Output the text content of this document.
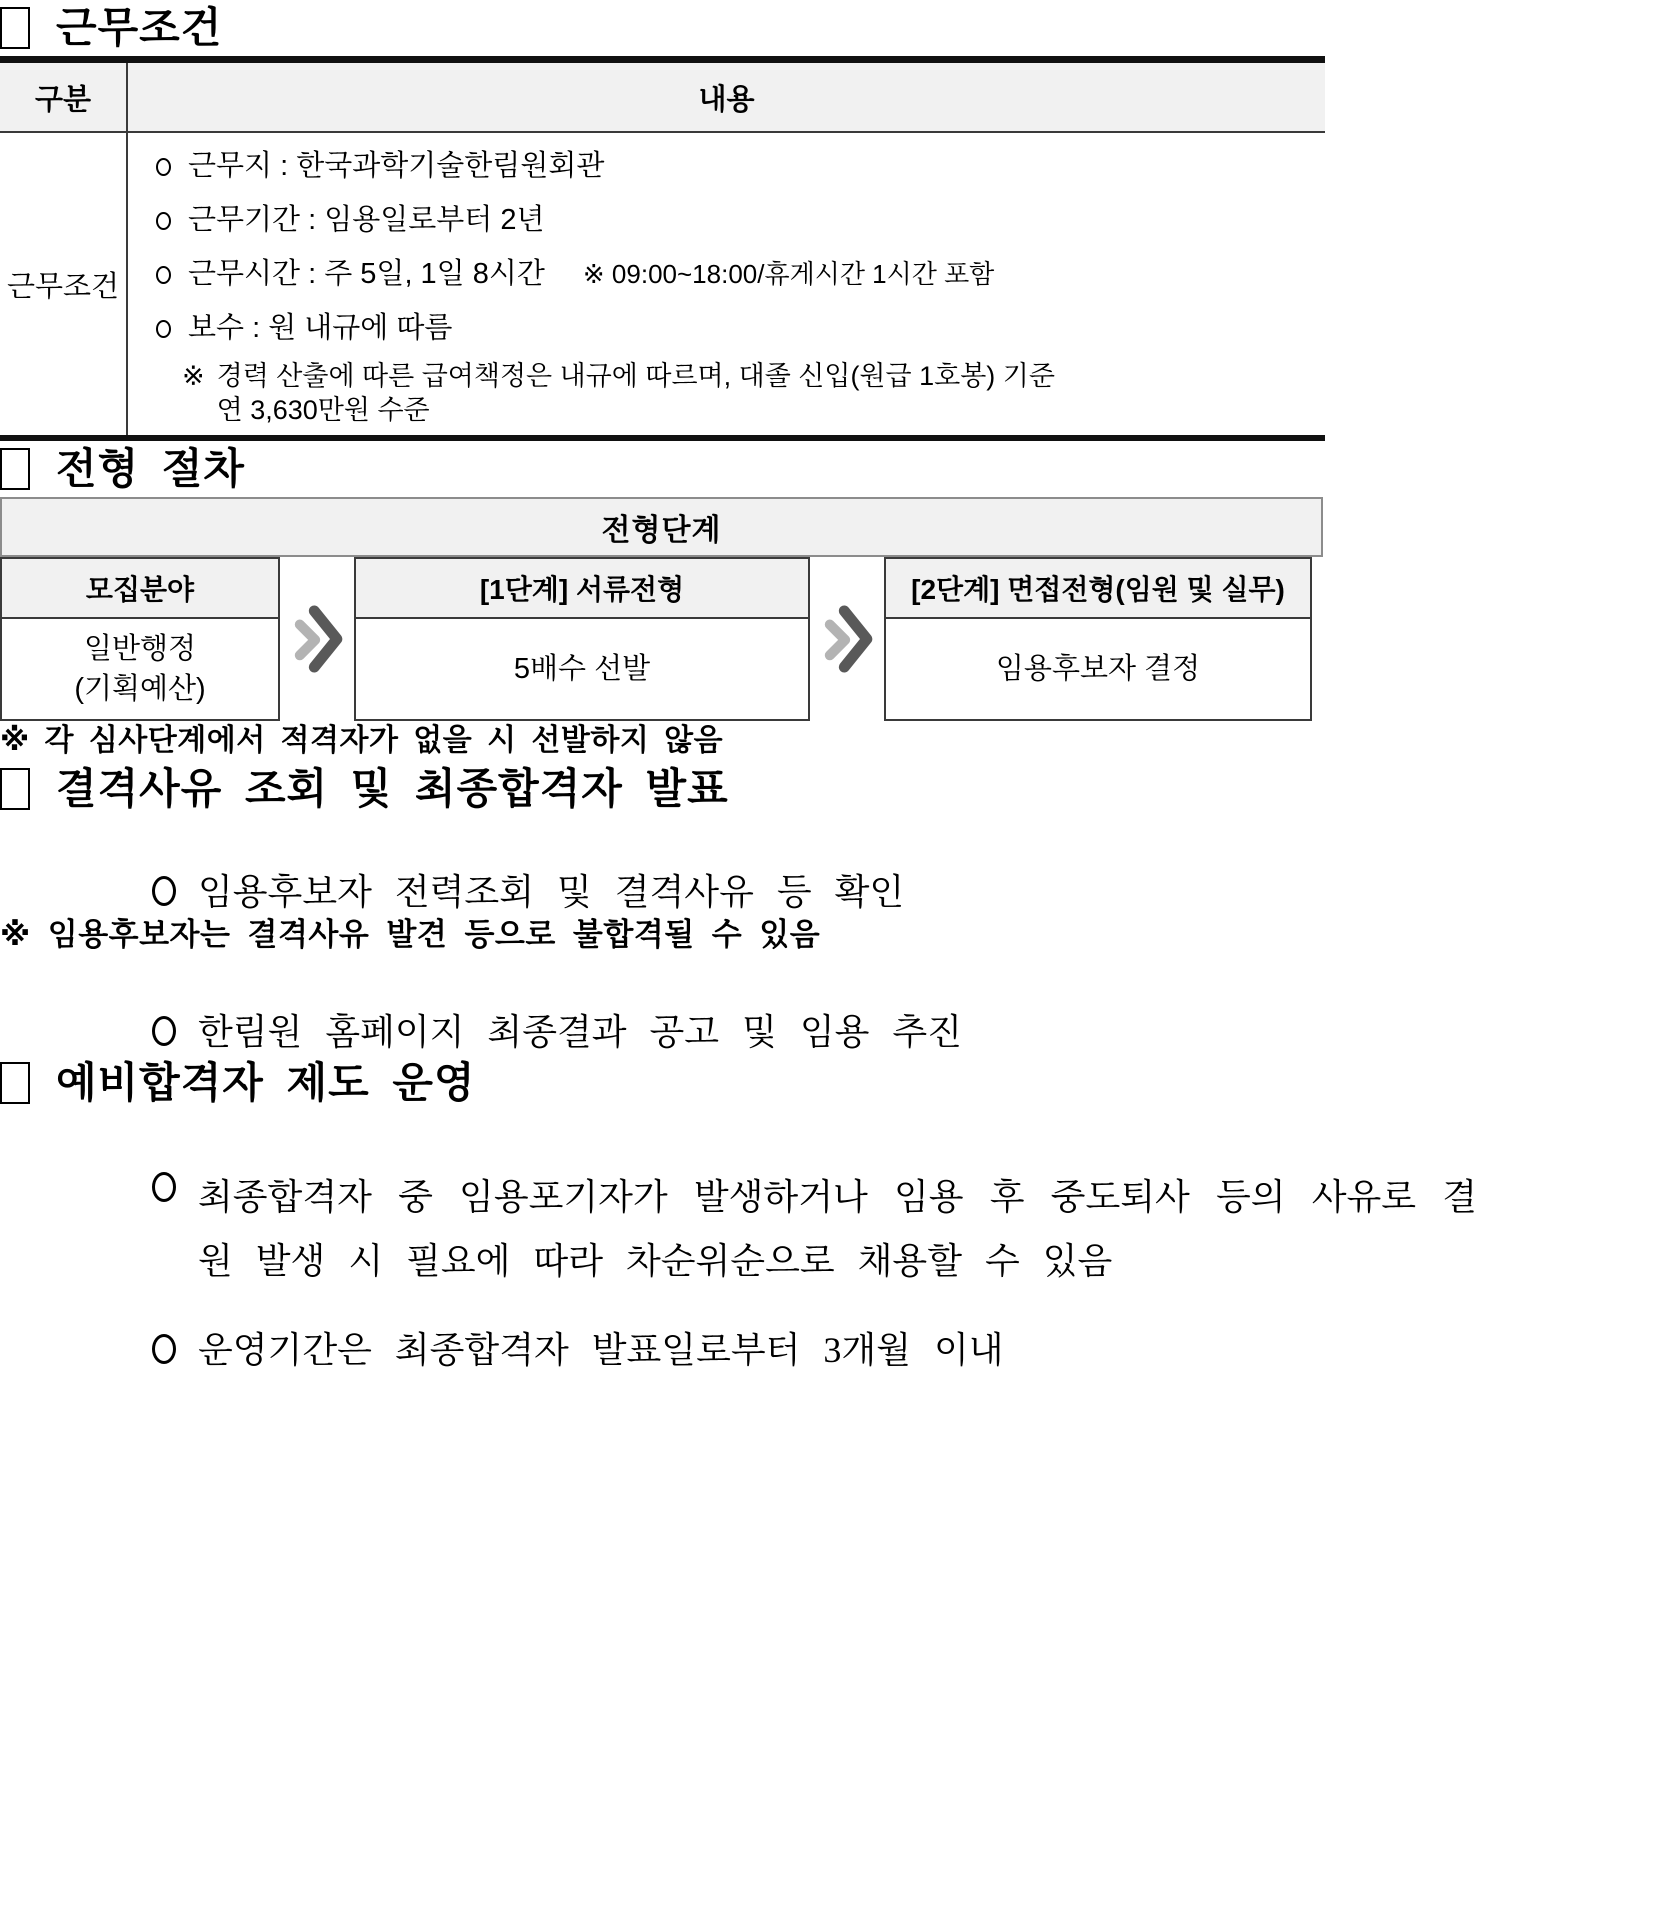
근무조건
구분	내용
근무조건
근무지 : 한국과학기술한림원회관
근무기간 : 임용일로부터 2년
근무시간 : 주 5일, 1일 8시간 ※ 09:00~18:00/휴게시간 1시간 포함
보수 : 원 내규에 따름
※ 경력 산출에 따른 급여책정은 내규에 따르며, 대졸 신입(원급 1호봉) 기준
연 3,630만원 수준
전형 절차
전형단계
모집분야
일반행정
(기획예산)
[1단계] 서류전형
5배수 선발
[2단계] 면접전형(임원 및 실무)
임용후보자 결정
※ 각 심사단계에서 적격자가 없을 시 선발하지 않음
결격사유 조회 및 최종합격자 발표
임용후보자 전력조회 및 결격사유 등 확인
※ 임용후보자는 결격사유 발견 등으로 불합격될 수 있음
한림원 홈페이지 최종결과 공고 및 임용 추진
예비합격자 제도 운영
최종합격자 중 임용포기자가 발생하거나 임용 후 중도퇴사 등의 사유로 결원 발생 시 필요에 따라 차순위순으로 채용할 수 있음
운영기간은 최종합격자 발표일로부터 3개월 이내
